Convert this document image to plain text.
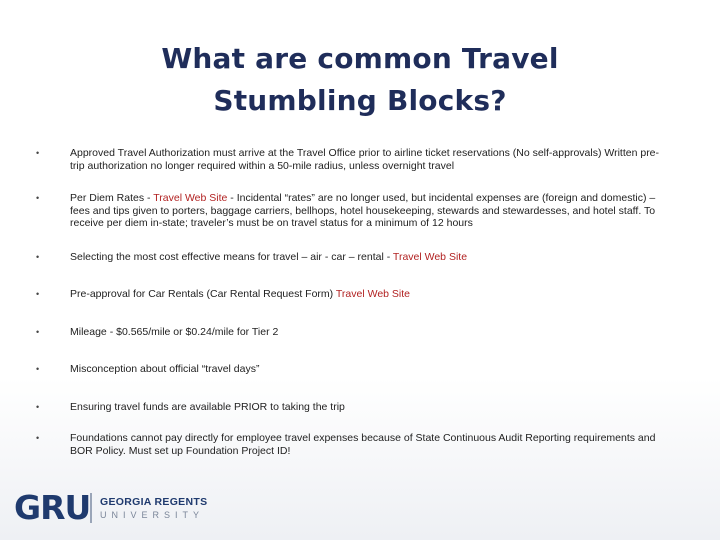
What are common Travel
Stumbling Blocks?
•	Approved Travel Authorization must arrive at the Travel Office prior to airline ticket reservations (No self-approvals) Written pre-trip authorization no longer required within a 50-mile radius, unless overnight travel
•	Per Diem Rates - Travel Web Site - Incidental “rates” are no longer used, but incidental expenses are (foreign and domestic) – fees and tips given to porters, baggage carriers, bellhops, hotel housekeeping, stewards and stewardesses, and hotel staff. To receive per diem in-state; traveler’s must be on travel status for a minimum of 12 hours
•	Selecting the most cost effective means for travel – air - car – rental - Travel Web Site
•	Pre-approval for Car Rentals (Car Rental Request Form) Travel Web Site
•	Mileage - $0.565/mile or $0.24/mile for Tier 2
•	Misconception about official “travel days”
•	Ensuring travel funds are available PRIOR to taking the trip
•	Foundations cannot pay directly for employee travel expenses because of State Continuous Audit Reporting requirements and BOR Policy. Must set up Foundation Project ID!
GRU GEORGIA REGENTS
UNIVERSITY
